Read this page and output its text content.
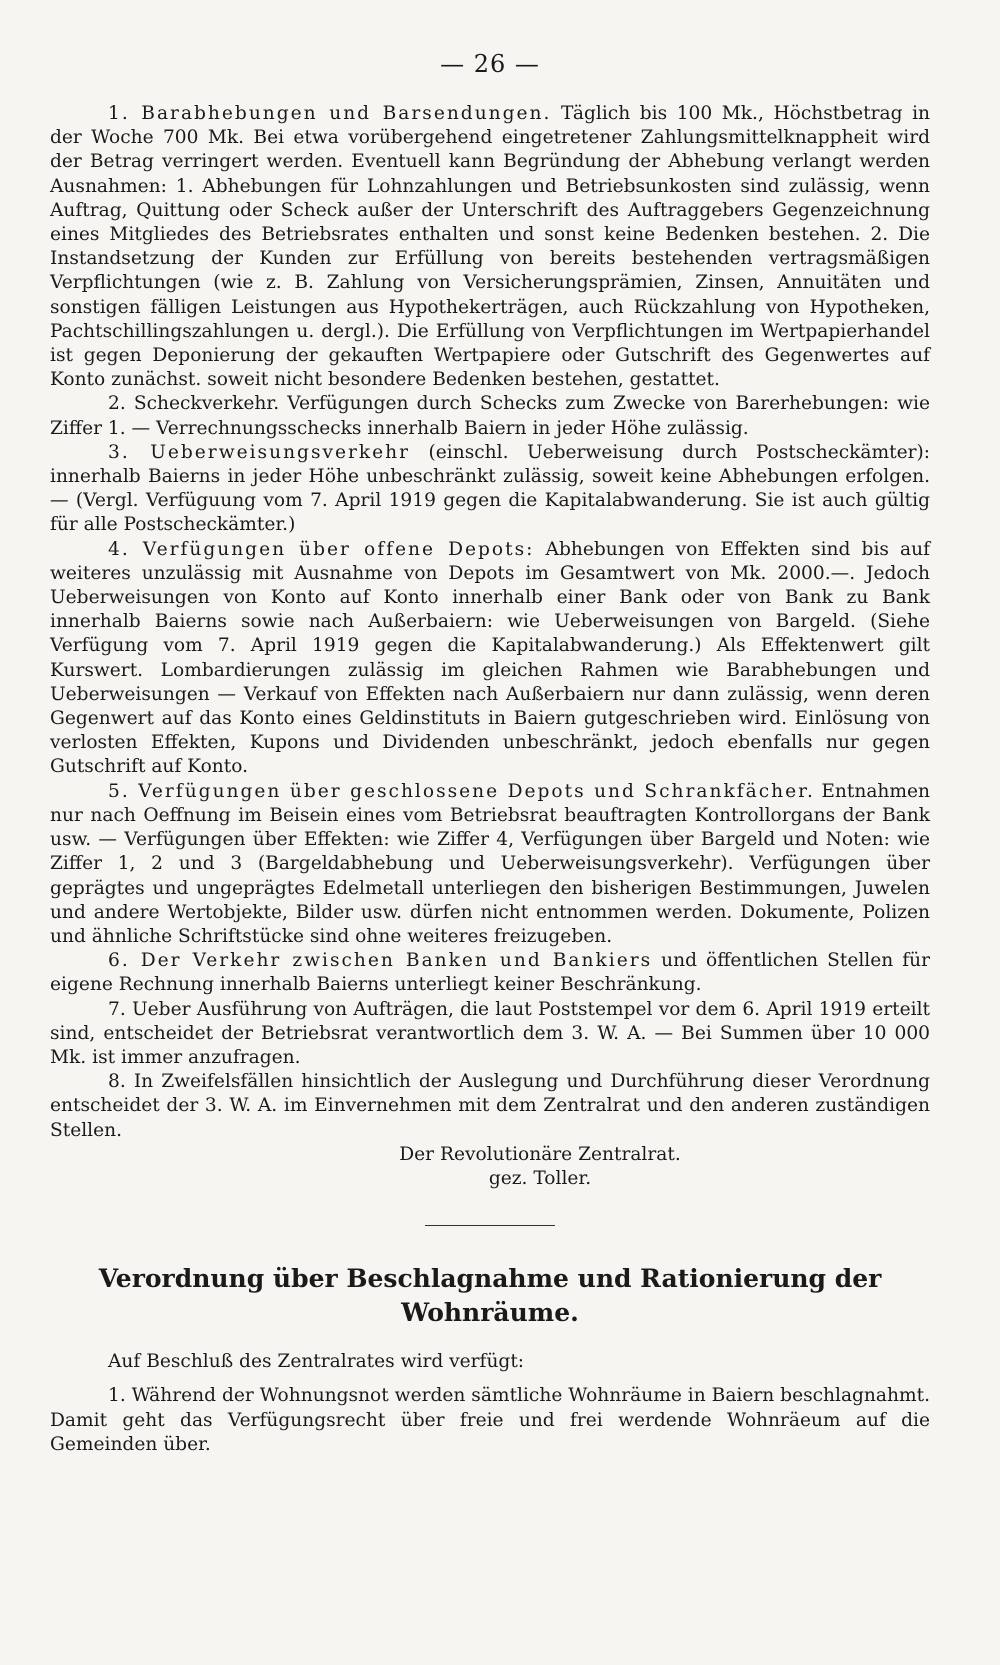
— 26 —

1. Barabhebungen und Barsendungen. Täglich bis 100 Mk., Höchstbetrag in der Woche 700 Mk. Bei etwa vorübergehend eingetretener Zahlungsmittelknappheit wird der Betrag verringert werden. Eventuell kann Begründung der Abhebung verlangt werden Ausnahmen: 1. Abhebungen für Lohnzahlungen und Betriebsunkosten sind zulässig, wenn Auftrag, Quittung oder Scheck außer der Unterschrift des Auftraggebers Gegenzeichnung eines Mitgliedes des Betriebsrates enthalten und sonst keine Bedenken bestehen. 2. Die Instandsetzung der Kunden zur Erfüllung von bereits bestehenden vertragsmäßigen Verpflichtungen (wie z. B. Zahlung von Versicherungsprämien, Zinsen, Annuitäten und sonstigen fälligen Leistungen aus Hypothekerträgen, auch Rückzahlung von Hypotheken, Pachtschillingszahlungen u. dergl.). Die Erfüllung von Verpflichtungen im Wertpapierhandel ist gegen Deponierung der gekauften Wertpapiere oder Gutschrift des Gegenwertes auf Konto zunächst. soweit nicht besondere Bedenken bestehen, gestattet.

2. Scheckverkehr. Verfügungen durch Schecks zum Zwecke von Barerhebungen: wie Ziffer 1. — Verrechnungsschecks innerhalb Baiern in jeder Höhe zulässig.

3. Ueberweisungsverkehr (einschl. Ueberweisung durch Postscheckämter): innerhalb Baierns in jeder Höhe unbeschränkt zulässig, soweit keine Abhebungen erfolgen. — (Vergl. Verfüguung vom 7. April 1919 gegen die Kapitalabwanderung. Sie ist auch gültig für alle Postscheckämter.)

4. Verfügungen über offene Depots: Abhebungen von Effekten sind bis auf weiteres unzulässig mit Ausnahme von Depots im Gesamtwert von Mk. 2000.—. Jedoch Ueberweisungen von Konto auf Konto innerhalb einer Bank oder von Bank zu Bank innerhalb Baierns sowie nach Außerbaiern: wie Ueberweisungen von Bargeld. (Siehe Verfügung vom 7. April 1919 gegen die Kapitalabwanderung.) Als Effektenwert gilt Kurswert. Lombardierungen zulässig im gleichen Rahmen wie Barabhebungen und Ueberweisungen — Verkauf von Effekten nach Außerbaiern nur dann zulässig, wenn deren Gegenwert auf das Konto eines Geldinstituts in Baiern gutgeschrieben wird. Einlösung von verlosten Effekten, Kupons und Dividenden unbeschränkt, jedoch ebenfalls nur gegen Gutschrift auf Konto.

5. Verfügungen über geschlossene Depots und Schrankfächer. Entnahmen nur nach Oeffnung im Beisein eines vom Betriebsrat beauftragten Kontrollorgans der Bank usw. — Verfügungen über Effekten: wie Ziffer 4, Verfügungen über Bargeld und Noten: wie Ziffer 1, 2 und 3 (Bargeldabhebung und Ueberweisungsverkehr). Verfügungen über geprägtes und ungeprägtes Edelmetall unterliegen den bisherigen Bestimmungen, Juwelen und andere Wertobjekte, Bilder usw. dürfen nicht entnommen werden. Dokumente, Polizen und ähnliche Schriftstücke sind ohne weiteres freizugeben.

6. Der Verkehr zwischen Banken und Bankiers und öffentlichen Stellen für eigene Rechnung innerhalb Baierns unterliegt keiner Beschränkung.

7. Ueber Ausführung von Aufträgen, die laut Poststempel vor dem 6. April 1919 erteilt sind, entscheidet der Betriebsrat verantwortlich dem 3. W. A. — Bei Summen über 10 000 Mk. ist immer anzufragen.

8. In Zweifelsfällen hinsichtlich der Auslegung und Durchführung dieser Verordnung entscheidet der 3. W. A. im Einvernehmen mit dem Zentralrat und den anderen zuständigen Stellen.

Der Revolutionäre Zentralrat.

gez. Toller.

Verordnung über Beschlagnahme und Rationierung der Wohnräume.

Auf Beschluß des Zentralrates wird verfügt:

1. Während der Wohnungsnot werden sämtliche Wohnräume in Baiern beschlagnahmt. Damit geht das Verfügungsrecht über freie und frei werdende Wohnräeum auf die Gemeinden über.
